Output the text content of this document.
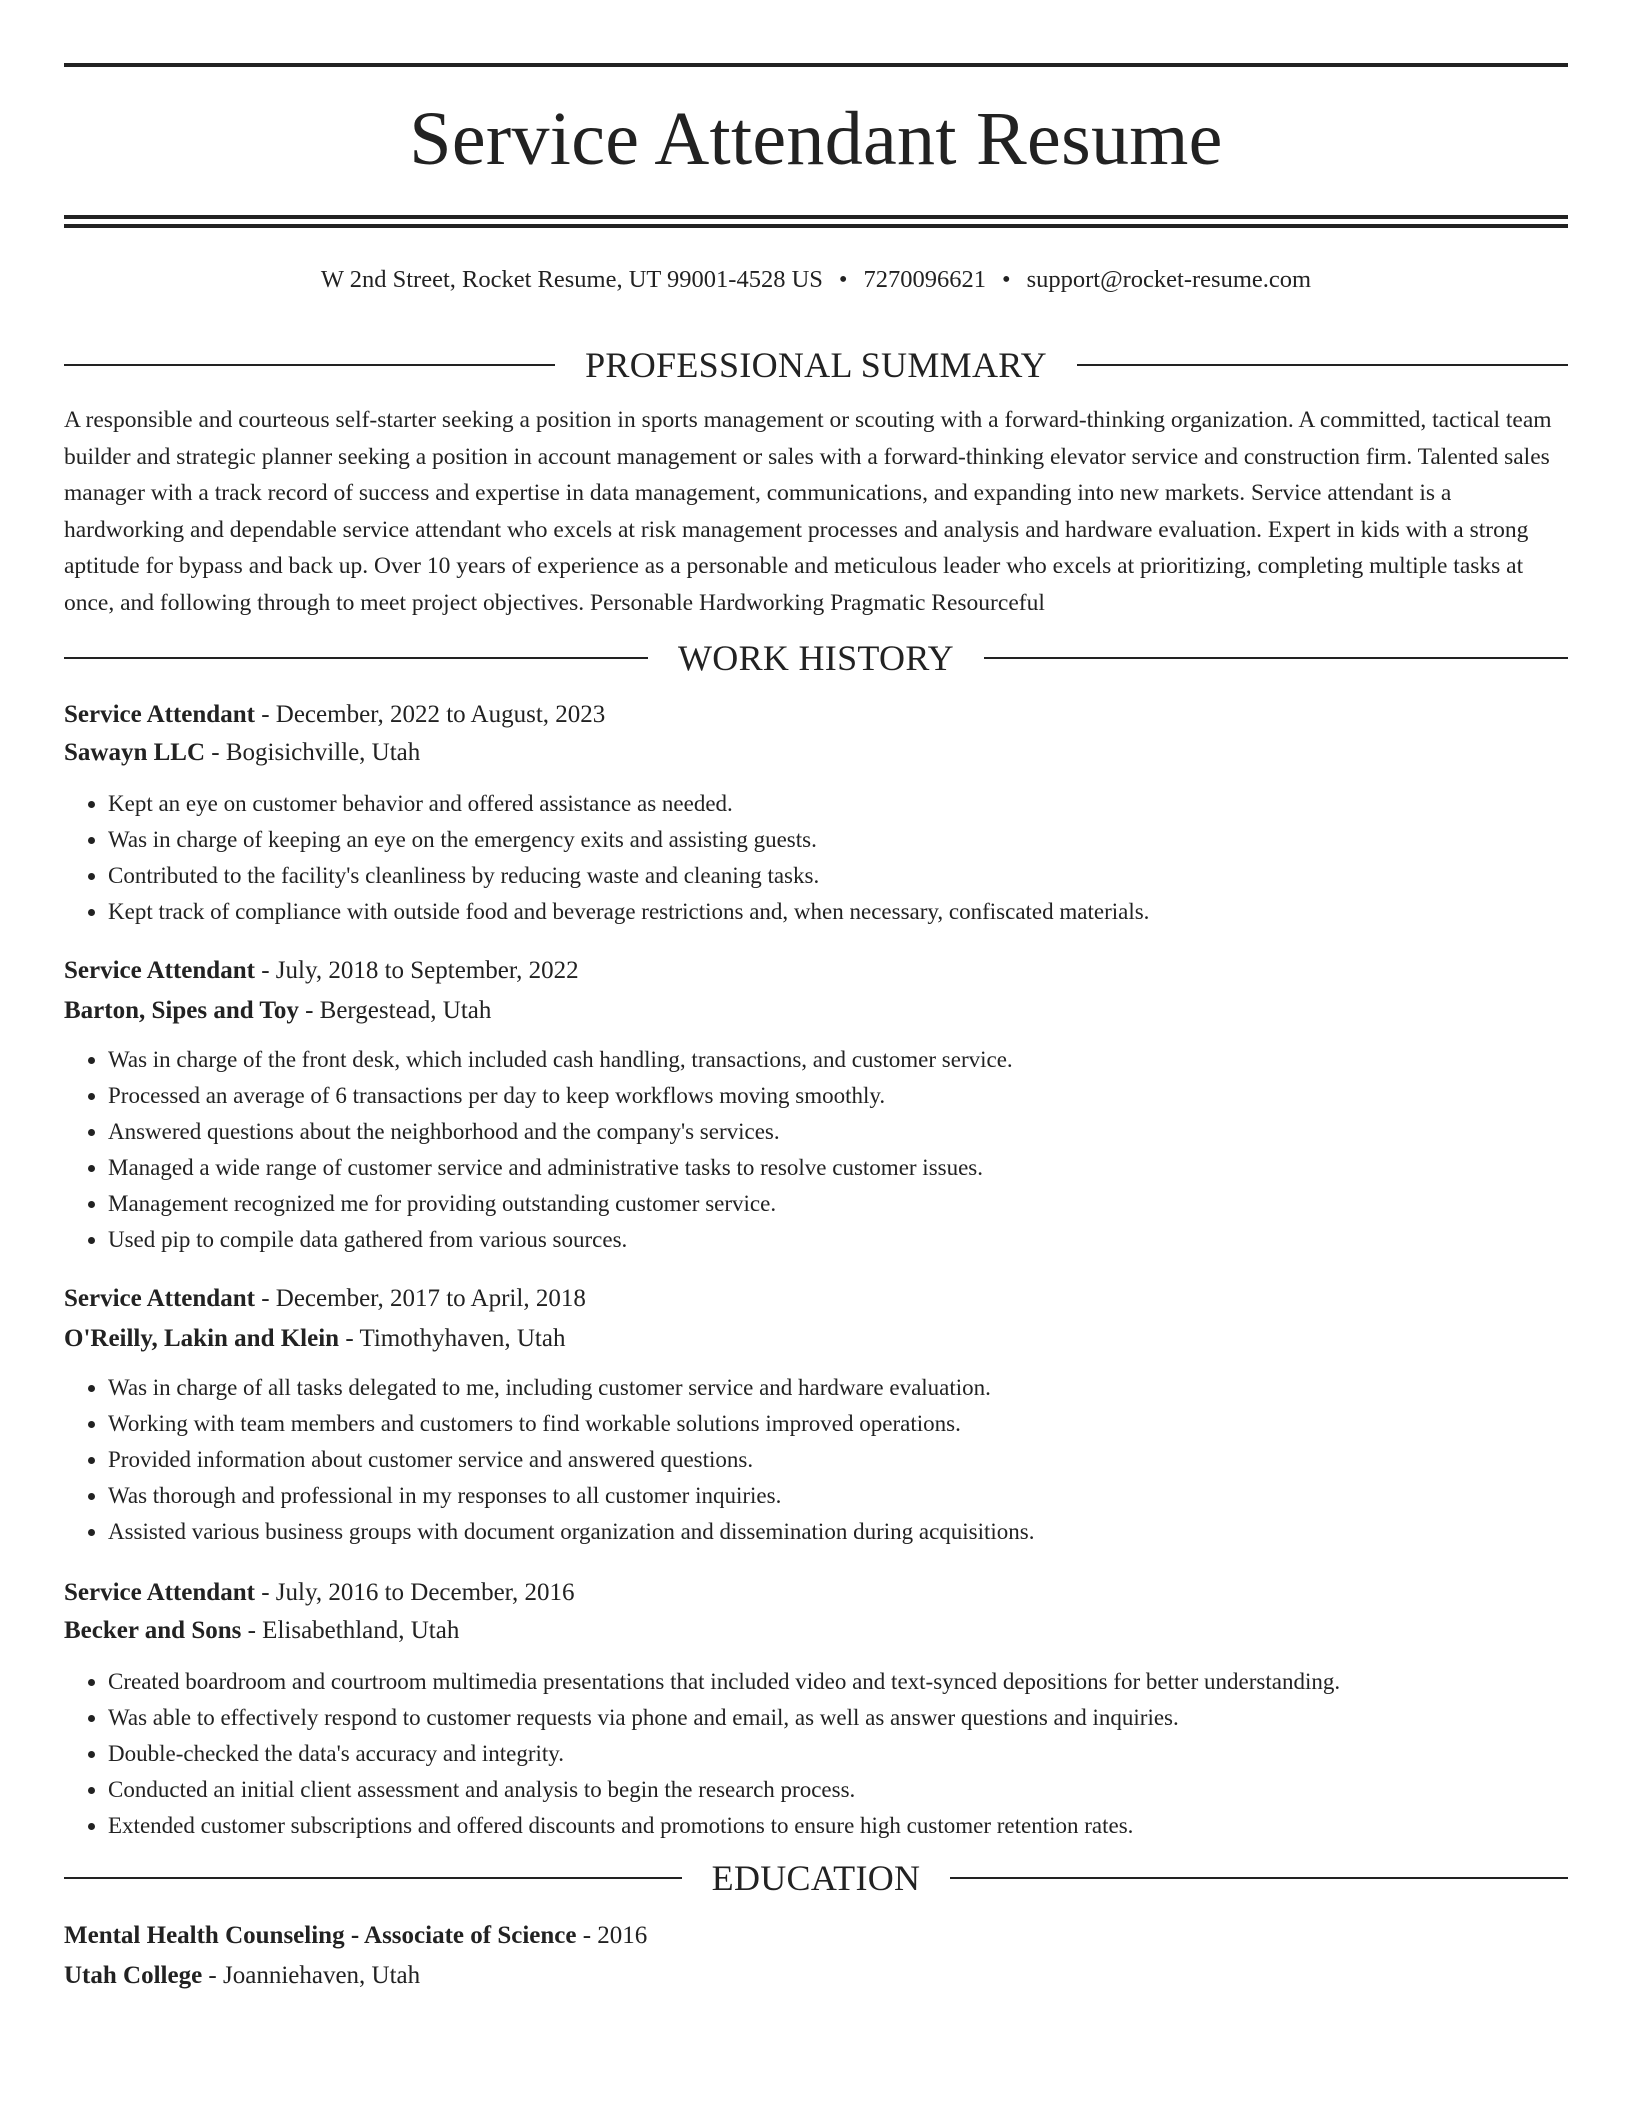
Service Attendant Resume
W 2nd Street, Rocket Resume, UT 99001-4528 US • 7270096621 • support@rocket-resume.com
PROFESSIONAL SUMMARY

A responsible and courteous self-starter seeking a position in sports management or scouting with a forward-thinking organization. A committed, tactical team builder and strategic planner seeking a position in account management or sales with a forward-thinking elevator service and construction firm. Talented sales manager with a track record of success and expertise in data management, communications, and expanding into new markets. Service attendant is a hardworking and dependable service attendant who excels at risk management processes and analysis and hardware evaluation. Expert in kids with a strong aptitude for bypass and back up. Over 10 years of experience as a personable and meticulous leader who excels at prioritizing, completing multiple tasks at once, and following through to meet project objectives. Personable Hardworking Pragmatic Resourceful

WORK HISTORY
Service Attendant - December, 2022 to August, 2023
Sawayn LLC - Bogisichville, Utah
• Kept an eye on customer behavior and offered assistance as needed.
• Was in charge of keeping an eye on the emergency exits and assisting guests.
• Contributed to the facility's cleanliness by reducing waste and cleaning tasks.
• Kept track of compliance with outside food and beverage restrictions and, when necessary, confiscated materials.
Service Attendant - July, 2018 to September, 2022
Barton, Sipes and Toy - Bergestead, Utah
• Was in charge of the front desk, which included cash handling, transactions, and customer service.
• Processed an average of 6 transactions per day to keep workflows moving smoothly.
• Answered questions about the neighborhood and the company's services.
• Managed a wide range of customer service and administrative tasks to resolve customer issues.
• Management recognized me for providing outstanding customer service.
• Used pip to compile data gathered from various sources.
Service Attendant - December, 2017 to April, 2018
O'Reilly, Lakin and Klein - Timothyhaven, Utah
• Was in charge of all tasks delegated to me, including customer service and hardware evaluation.
• Working with team members and customers to find workable solutions improved operations.
• Provided information about customer service and answered questions.
• Was thorough and professional in my responses to all customer inquiries.
• Assisted various business groups with document organization and dissemination during acquisitions.
Service Attendant - July, 2016 to December, 2016
Becker and Sons - Elisabethland, Utah
• Created boardroom and courtroom multimedia presentations that included video and text-synced depositions for better understanding.
• Was able to effectively respond to customer requests via phone and email, as well as answer questions and inquiries.
• Double-checked the data's accuracy and integrity.
• Conducted an initial client assessment and analysis to begin the research process.
• Extended customer subscriptions and offered discounts and promotions to ensure high customer retention rates.
EDUCATION
Mental Health Counseling - Associate of Science - 2016
Utah College - Joanniehaven, Utah
